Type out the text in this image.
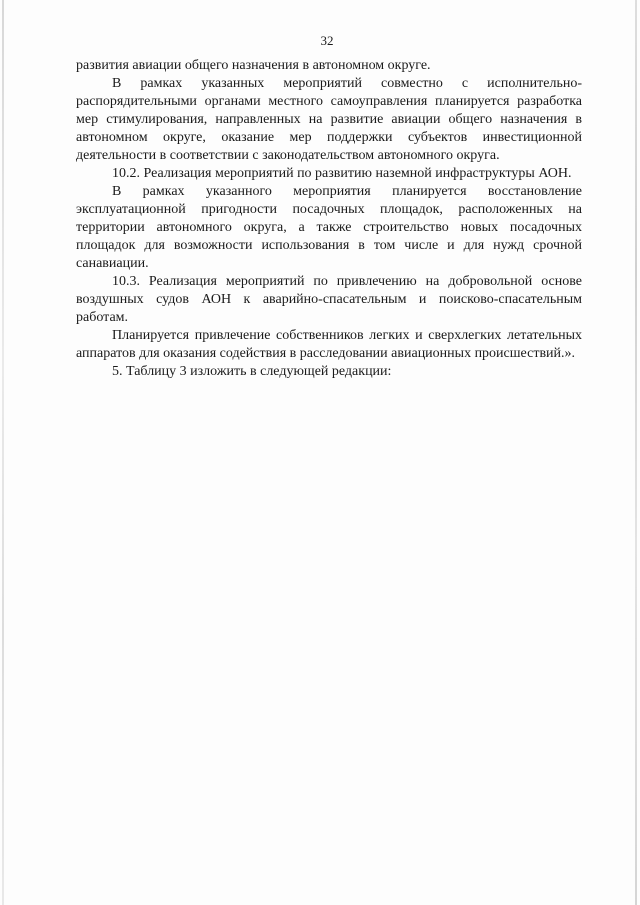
32

развития авиации общего назначения в автономном округе.

В рамках указанных мероприятий совместно с исполнительно-распорядительными органами местного самоуправления планируется разработка мер стимулирования, направленных на развитие авиации общего назначения в автономном округе, оказание мер поддержки субъектов инвестиционной деятельности в соответствии с законодательством автономного округа.

10.2. Реализация мероприятий по развитию наземной инфраструктуры АОН.

В рамках указанного мероприятия планируется восстановление эксплуатационной пригодности посадочных площадок, расположенных на территории автономного округа, а также строительство новых посадочных площадок для возможности использования в том числе и для нужд срочной санавиации.

10.3. Реализация мероприятий по привлечению на добровольной основе воздушных судов АОН к аварийно-спасательным и поисково-спасательным работам.

Планируется привлечение собственников легких и сверхлегких летательных аппаратов для оказания содействия в расследовании авиационных происшествий.».

5. Таблицу 3 изложить в следующей редакции:
